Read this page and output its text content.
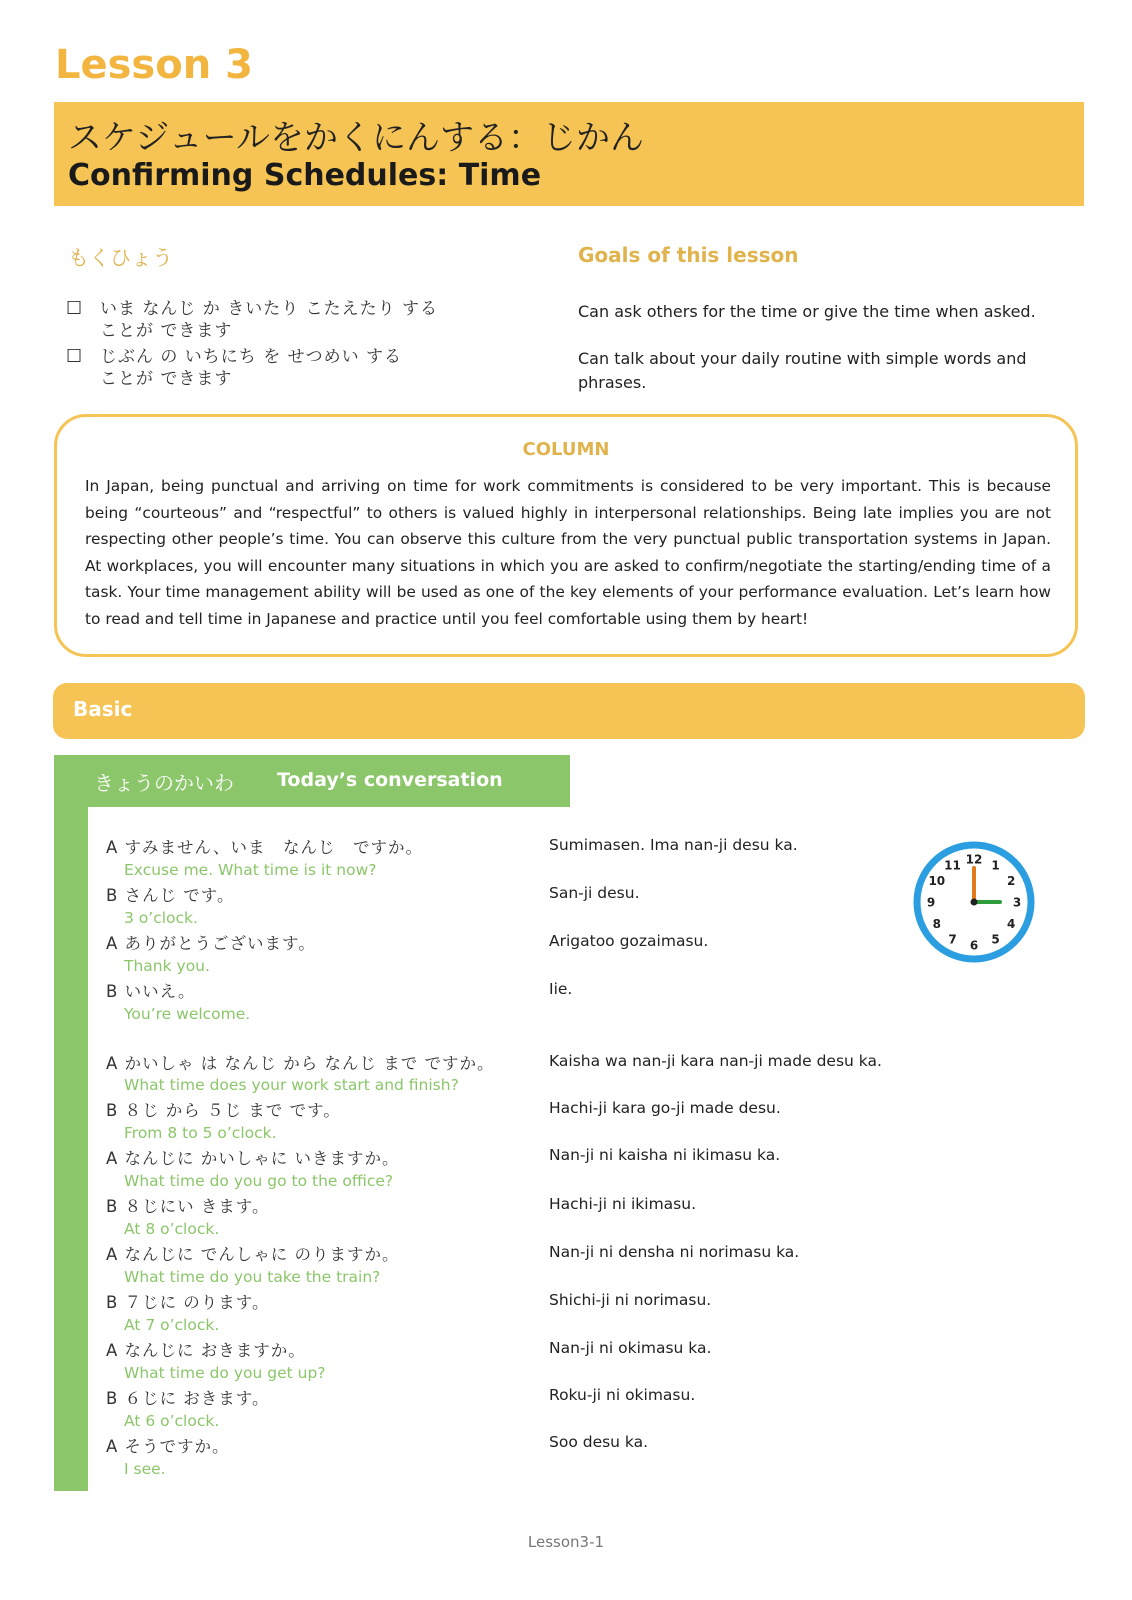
Lesson 3
スケジュールをかくにんする：じかん
Confirming Schedules: Time
もくひょう	Goals of this lesson
☐ いま なんじ か きいたり こたえたり する
ことが できます
☐ じぶん の いちにち を せつめい する
ことが できます
Can ask others for the time or give the time when asked.
Can talk about your daily routine with simple words and phrases.
COLUMN
In Japan, being punctual and arriving on time for work commitments is considered to be very important. This is because being “courteous” and “respectful” to others is valued highly in interpersonal relationships. Being late implies you are not respecting other people’s time. You can observe this culture from the very punctual public transportation systems in Japan. At workplaces, you will encounter many situations in which you are asked to confirm/negotiate the starting/ending time of a task. Your time management ability will be used as one of the key elements of your performance evaluation. Let’s learn how to read and tell time in Japanese and practice until you feel comfortable using them by heart!
Basic
きょうのかいわ Today’s conversation
A すみません、いま　なんじ　ですか。
Excuse me. What time is it now?
Sumimasen. Ima nan-ji desu ka.
B さんじ です。
3 o’clock.
San-ji desu.
A ありがとうございます。
Thank you.
Arigatoo gozaimasu.
B いいえ。
You’re welcome.
Iie.
A かいしゃ は なんじ から なんじ まで ですか。
What time does your work start and finish?
Kaisha wa nan-ji kara nan-ji made desu ka.
B ８じ から ５じ まで です。
From 8 to 5 o’clock.
Hachi-ji kara go-ji made desu.
A なんじに かいしゃに いきますか。
What time do you go to the office?
Nan-ji ni kaisha ni ikimasu ka.
B ８じにい きます。
At 8 o’clock.
Hachi-ji ni ikimasu.
A なんじに でんしゃに のりますか。
What time do you take the train?
Nan-ji ni densha ni norimasu ka.
B ７じに のります。
At 7 o’clock.
Shichi-ji ni norimasu.
A なんじに おきますか。
What time do you get up?
Nan-ji ni okimasu ka.
B ６じに おきます。
At 6 o’clock.
Roku-ji ni okimasu.
A そうですか。
I see.
Soo desu ka.
12 1
2
3
4
5
6
7
8
9
10
11
Lesson3-1
